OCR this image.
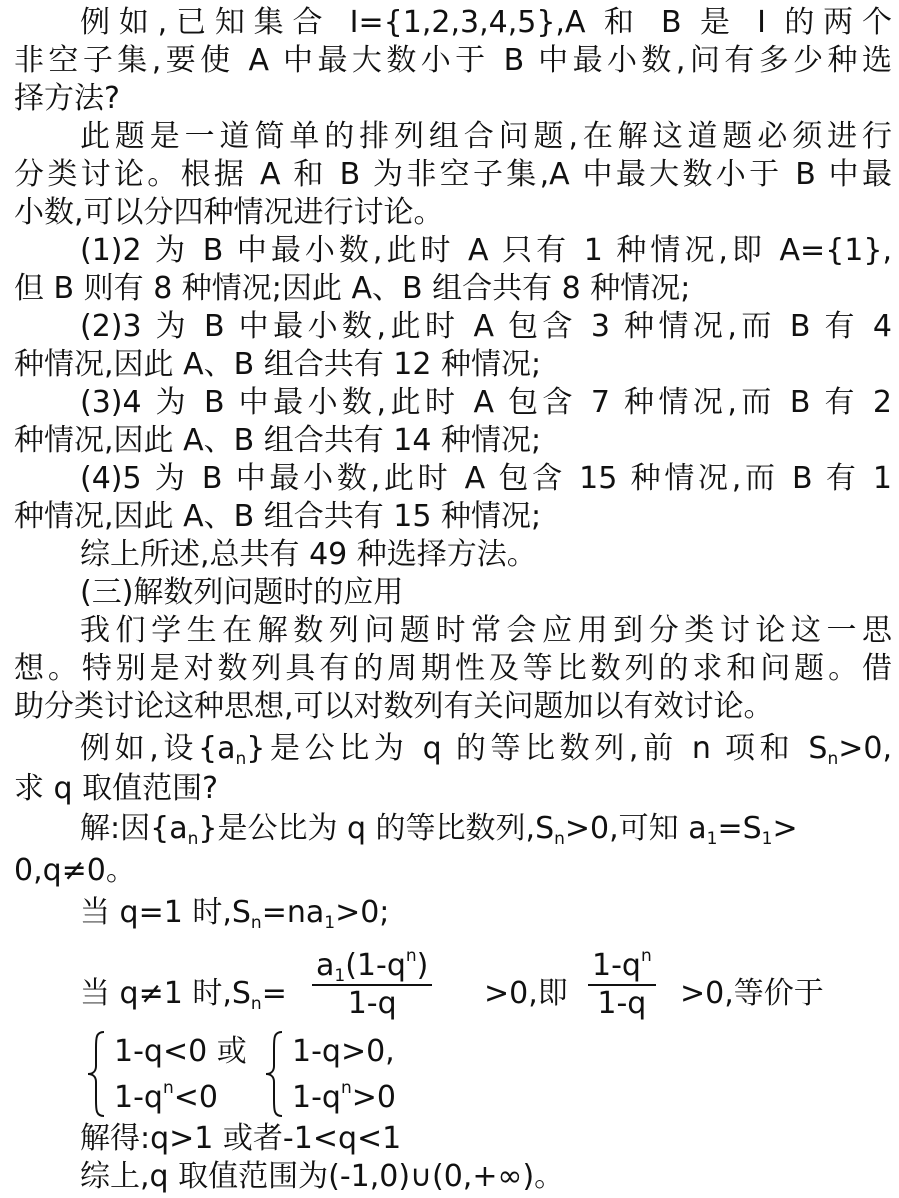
例如,已知集合 I={1,2,3,4,5},A 和 B 是 I 的两个
非空子集,要使 A 中最大数小于 B 中最小数,问有多少种选
择方法?
此题是一道简单的排列组合问题,在解这道题必须进行
分类讨论。根据 A 和 B 为非空子集,A 中最大数小于 B 中最
小数,可以分四种情况进行讨论。
(1)2 为 B 中最小数,此时 A 只有 1 种情况,即 A={1},
但 B 则有 8 种情况;因此 A、B 组合共有 8 种情况;
(2)3 为 B 中最小数,此时 A 包含 3 种情况,而 B 有 4
种情况,因此 A、B 组合共有 12 种情况;
(3)4 为 B 中最小数,此时 A 包含 7 种情况,而 B 有 2
种情况,因此 A、B 组合共有 14 种情况;
(4)5 为 B 中最小数,此时 A 包含 15 种情况,而 B 有 1
种情况,因此 A、B 组合共有 15 种情况;
综上所述,总共有 49 种选择方法。
(三)解数列问题时的应用
我们学生在解数列问题时常会应用到分类讨论这一思
想。特别是对数列具有的周期性及等比数列的求和问题。借
助分类讨论这种思想,可以对数列有关问题加以有效讨论。
例如,设$\{a_n\}$是公比为 q 的等比数列,前 n 项和 $S_n>0$,
求 q 取值范围?
解:因$\{a_n\}$是公比为 q 的等比数列$,S_n>0$,可知 $a_1=S_1>$
0,q≠0。
当 q=1 时$,S_n=na_1>0$;
当 q≠1 时$,S_n= \frac{a_1(1-q^n)}{1-q} >0$,即 $\frac{1-q^n}{1-q} >0$,等价于
1-q<0 或
$1-q^n<0$
1-q>0,
$1-q^n>0$
解得:q>1 或者-1<q<1
综上,q 取值范围为(-1,0)∪(0,+∞)。
